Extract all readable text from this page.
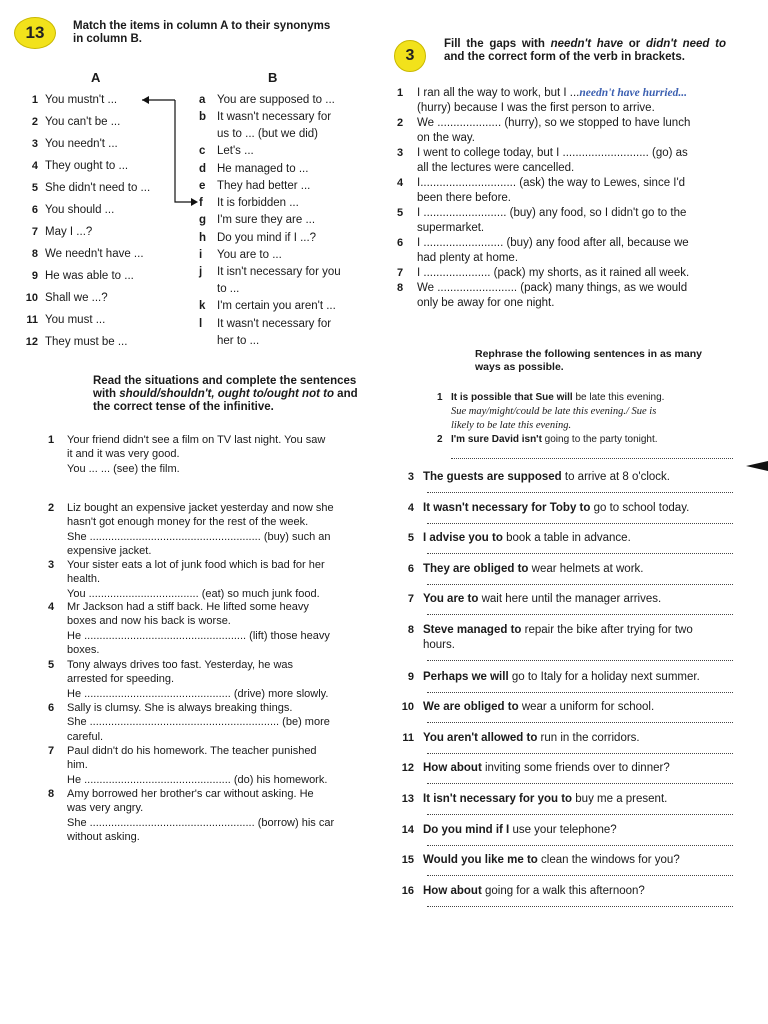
13	Match the items in column A to their synonyms in column B.
A	B
1 You mustn't ...
2 You can't be ...
3 You needn't ...
4 They ought to ...
5 She didn't need to ...
6 You should ...
7 May I ...?
8 We needn't have ...
9 He was able to ...
10 Shall we ...?
11 You must ...
12 They must be ...
a You are supposed to ...
b It wasn't necessary for
us to ... (but we did)
c Let's ...
d He managed to ...
e They had better ...
f It is forbidden ...
g I'm sure they are ...
h Do you mind if I ...?
i You are to ...
j It isn't necessary for you
to ...
k I'm certain you aren't ...
l It wasn't necessary for
her to ...
3
Fill the gaps with needn't have or didn't need to and the correct form of the verb in brackets.
1 I ran all the way to work, but I ...needn't have hurried...
(hurry) because I was the first person to arrive.
2 We .................... (hurry), so we stopped to have lunch
on the way.
3 I went to college today, but I ........................... (go) as
all the lectures were cancelled.
4 I.............................. (ask) the way to Lewes, since I'd
been there before.
5 I .......................... (buy) any food, so I didn't go to the
supermarket.
6 I ......................... (buy) any food after all, because we
had plenty at home.
7 I ..................... (pack) my shorts, as it rained all week.
8 We ......................... (pack) many things, as we would
only be away for one night.
Read the situations and complete the sentences with should/shouldn't, ought to/ought not to and the correct tense of the infinitive.
1 Your friend didn't see a film on TV last night. You saw
it and it was very good.
You ... ... (see) the film.
2 Liz bought an expensive jacket yesterday and now she
hasn't got enough money for the rest of the week.
She ........................................................ (buy) such an
expensive jacket.
3 Your sister eats a lot of junk food which is bad for her
health.
You .................................... (eat) so much junk food.
4 Mr Jackson had a stiff back. He lifted some heavy
boxes and now his back is worse.
He ..................................................... (lift) those heavy
boxes.
5 Tony always drives too fast. Yesterday, he was
arrested for speeding.
He ................................................ (drive) more slowly.
6 Sally is clumsy. She is always breaking things.
She .............................................................. (be) more
careful.
7 Paul didn't do his homework. The teacher punished
him.
He ................................................ (do) his homework.
8 Amy borrowed her brother's car without asking. He
was very angry.
She ...................................................... (borrow) his car
without asking.
Rephrase the following sentences in as many ways as possible.
1 It is possible that Sue will be late this evening.
Sue may/might/could be late this evening./ Sue is
likely to be late this evening.
2 I'm sure David isn't going to the party tonight.
3 The guests are supposed to arrive at 8 o'clock.
4 It wasn't necessary for Toby to go to school today.
5 I advise you to book a table in advance.
6 They are obliged to wear helmets at work.
7 You are to wait here until the manager arrives.
8 Steve managed to repair the bike after trying for two
hours.
9 Perhaps we will go to Italy for a holiday next summer.
10 We are obliged to wear a uniform for school.
11 You aren't allowed to run in the corridors.
12 How about inviting some friends over to dinner?
13 It isn't necessary for you to buy me a present.
14 Do you mind if I use your telephone?
15 Would you like me to clean the windows for you?
16 How about going for a walk this afternoon?
